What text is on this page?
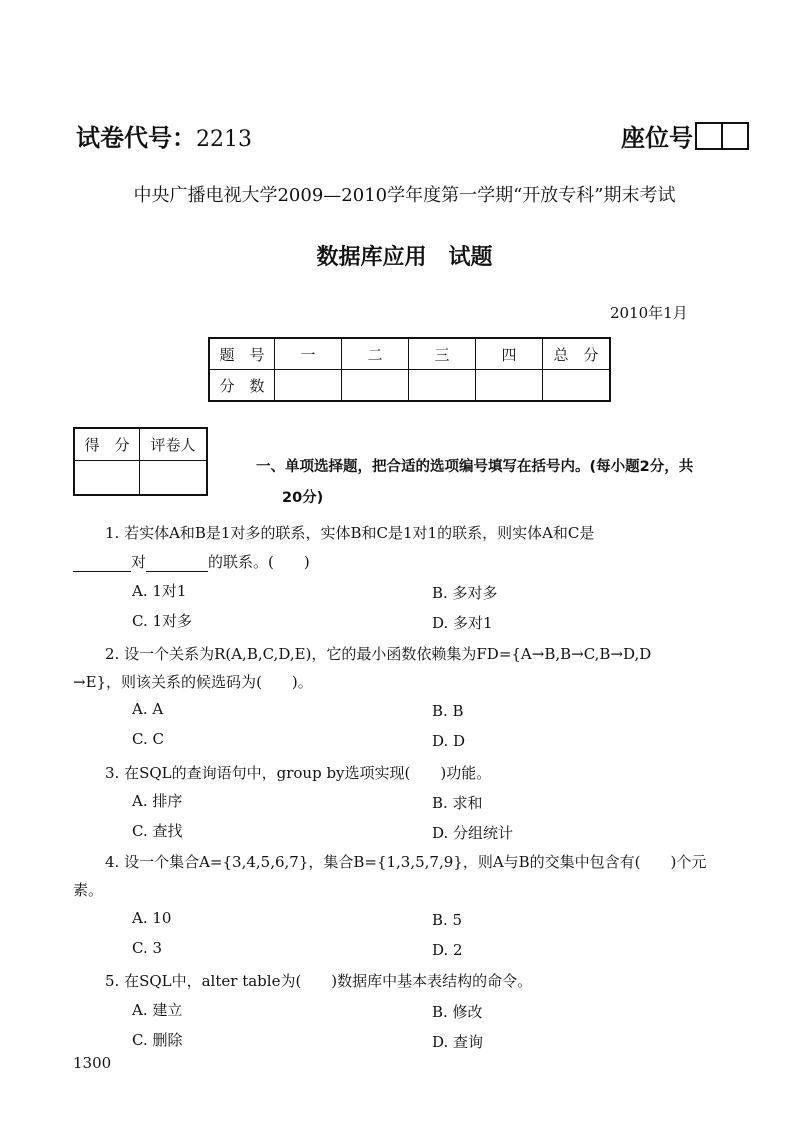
试卷代号：2213	座位号
中央广播电视大学2009—2010学年度第一学期“开放专科”期末考试
数据库应用　试题
2010年1月
题　号	一	二	三	四	总　分
分　数					
得　分	评卷人

一、单项选择题，把合适的选项编号填写在括号内。(每小题2分，共
20分)
1. 若实体A和B是1对多的联系，实体B和C是1对1的联系，则实体A和C是
对	的联系。(　　)
A. 1对1	B. 多对多
C. 1对多	D. 多对1
2. 设一个关系为R(A,B,C,D,E)，它的最小函数依赖集为FD={A→B,B→C,B→D,D
→E}，则该关系的候选码为(　　)。
A. A	B. B
C. C	D. D
3. 在SQL的查询语句中，group by选项实现(　　)功能。
A. 排序	B. 求和
C. 查找	D. 分组统计
4. 设一个集合A={3,4,5,6,7}，集合B={1,3,5,7,9}，则A与B的交集中包含有(　　)个元
素。
A. 10	B. 5
C. 3	D. 2
5. 在SQL中，alter table为(　　)数据库中基本表结构的命令。
A. 建立	B. 修改
C. 删除	D. 查询
1300
